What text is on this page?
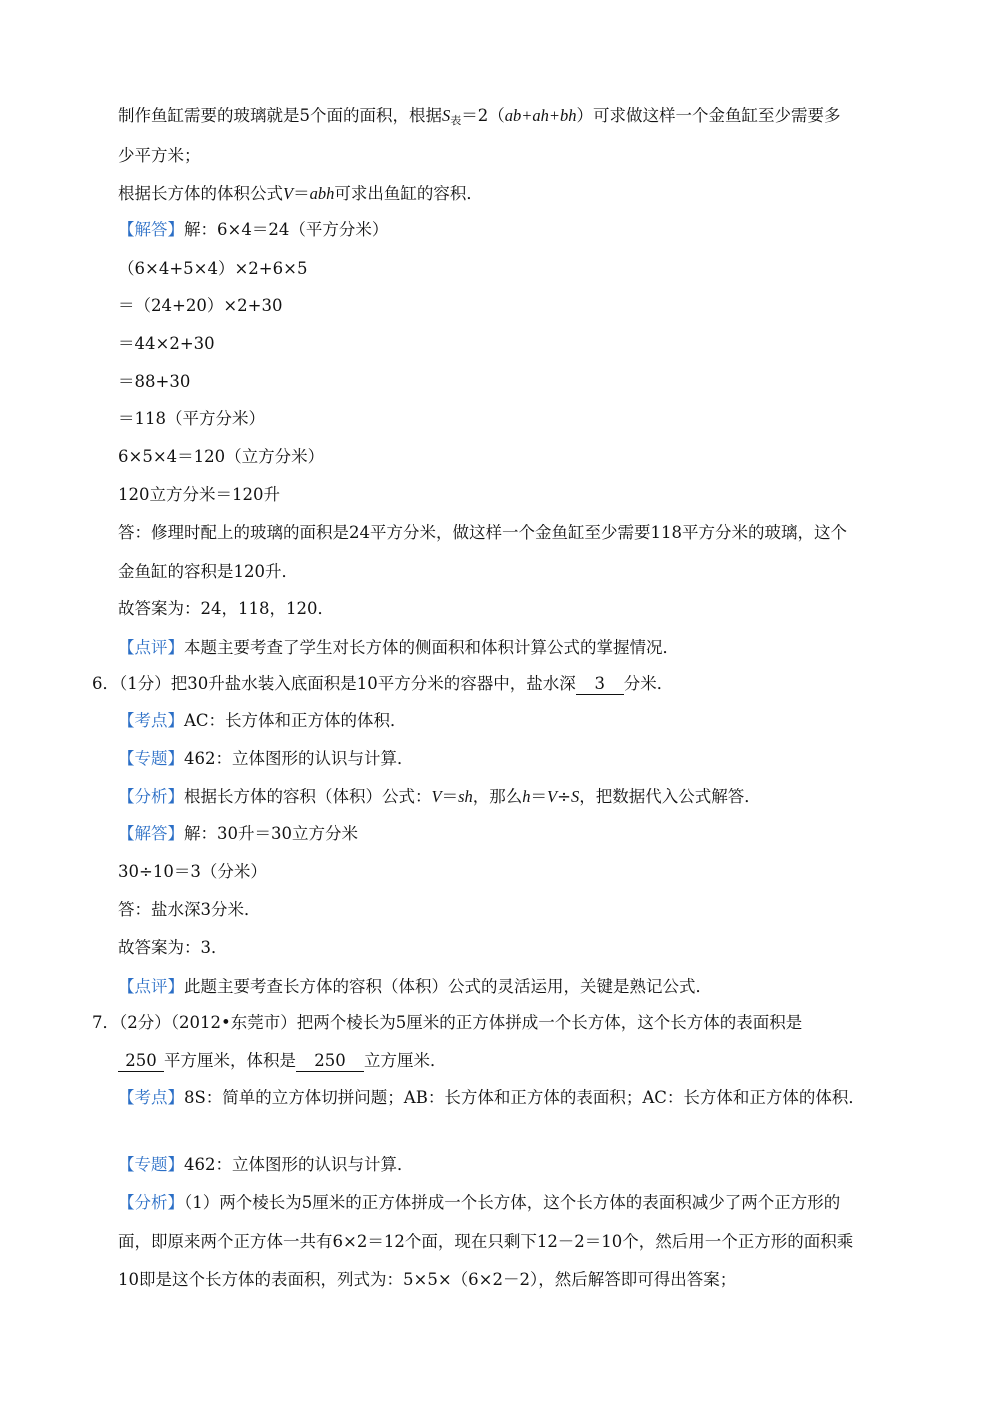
制作鱼缸需要的玻璃就是5个面的面积，根据$S_表=2(ab+ah+bh)$可求做这样一个金鱼缸至少需要多
少平方米；
根据长方体的体积公式V＝abh可求出鱼缸的容积．
【解答】解：6×4＝24（平方分米）
（6×4+5×4）×2+6×5
＝（24+20）×2+30
＝44×2+30
＝88+30
＝118（平方分米）
6×5×4＝120（立方分米）
120立方分米＝120升
答：修理时配上的玻璃的面积是24平方分米，做这样一个金鱼缸至少需要118平方分米的玻璃，这个
金鱼缸的容积是120升．
故答案为：24，118，120．
【点评】本题主要考查了学生对长方体的侧面积和体积计算公式的掌握情况．
6．（1分）把30升盐水装入底面积是10平方分米的容器中，盐水深 3 分米．
【考点】AC：长方体和正方体的体积．
【专题】462：立体图形的认识与计算．
【分析】根据长方体的容积（体积）公式：V＝sh，那么h＝V÷S，把数据代入公式解答．
【解答】解：30升＝30立方分米
30÷10＝3（分米）
答：盐水深3分米．
故答案为：3．
【点评】此题主要考查长方体的容积（体积）公式的灵活运用，关键是熟记公式．
7．（2分）（2012•东莞市）把两个棱长为5厘米的正方体拼成一个长方体，这个长方体的表面积是
250 平方厘米，体积是 250 立方厘米．
【考点】8S：简单的立方体切拼问题；AB：长方体和正方体的表面积；AC：长方体和正方体的体积．
【专题】462：立体图形的认识与计算．
【分析】（1）两个棱长为5厘米的正方体拼成一个长方体，这个长方体的表面积减少了两个正方形的
面，即原来两个正方体一共有6×2＝12个面，现在只剩下12－2＝10个，然后用一个正方形的面积乘
10即是这个长方体的表面积，列式为：5×5×（6×2－2），然后解答即可得出答案；
